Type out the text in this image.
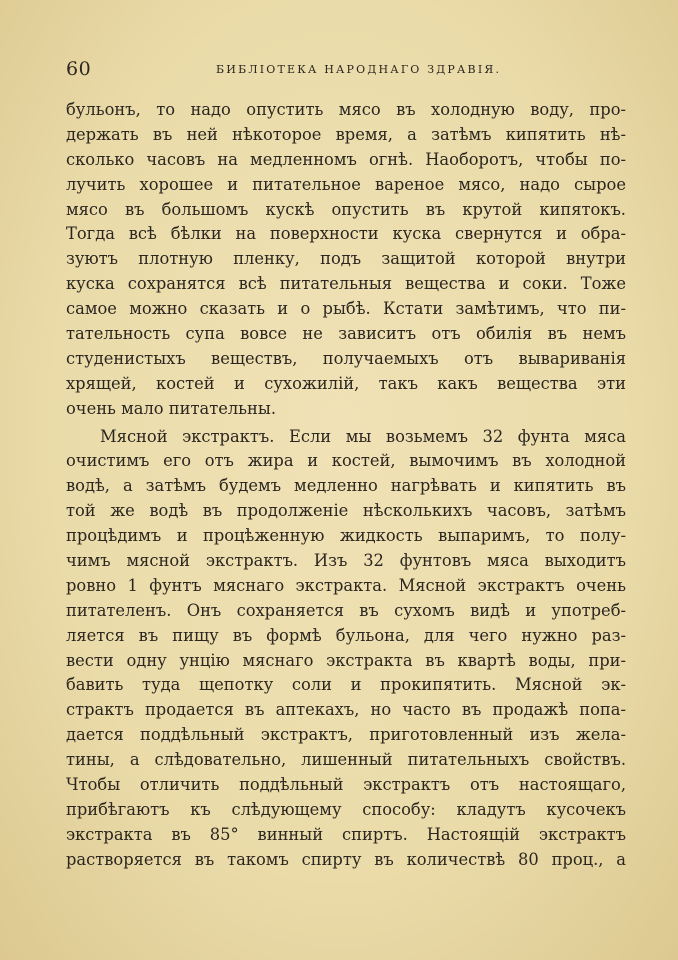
60	БИБЛІОТЕКА НАРОДНАГО ЗДРАВІЯ.
бульонъ, то надо опустить мясо въ холодную воду, про-
держать въ ней нѣкоторое время, а затѣмъ кипятить нѣ-
сколько часовъ на медленномъ огнѣ. Наоборотъ, чтобы по-
лучить хорошее и питательное вареное мясо, надо сырое
мясо въ большомъ кускѣ опустить въ крутой кипятокъ.
Тогда всѣ бѣлки на поверхности куска свернутся и обра-
зуютъ плотную пленку, подъ защитой которой внутри
куска сохранятся всѣ питательныя вещества и соки. Тоже
самое можно сказать и о рыбѣ. Кстати замѣтимъ, что пи-
тательность супа вовсе не зависитъ отъ обилія въ немъ
студенистыхъ веществъ, получаемыхъ отъ вывариванія
хрящей, костей и сухожилій, такъ какъ вещества эти
очень мало питательны.
Мясной экстрактъ. Если мы возьмемъ 32 фунта мяса
очистимъ его отъ жира и костей, вымочимъ въ холодной
водѣ, а затѣмъ будемъ медленно нагрѣвать и кипятить въ
той же водѣ въ продолженіе нѣсколькихъ часовъ, затѣмъ
процѣдимъ и процѣженную жидкость выпаримъ, то полу-
чимъ мясной экстрактъ. Изъ 32 фунтовъ мяса выходитъ
ровно 1 фунтъ мяснаго экстракта. Мясной экстрактъ очень
питателенъ. Онъ сохраняется въ сухомъ видѣ и употреб-
ляется въ пищу въ формѣ бульона, для чего нужно раз-
вести одну унцію мяснаго экстракта въ квартѣ воды, при-
бавить туда щепотку соли и прокипятить. Мясной эк-
страктъ продается въ аптекахъ, но часто въ продажѣ попа-
дается поддѣльный экстрактъ, приготовленный изъ жела-
тины, а слѣдовательно, лишенный питательныхъ свойствъ.
Чтобы отличить поддѣльный экстрактъ отъ настоящаго,
прибѣгаютъ къ слѣдующему способу: кладутъ кусочекъ
экстракта въ 85° винный спиртъ. Настоящій экстрактъ
растворяется въ такомъ спирту въ количествѣ 80 проц., а
